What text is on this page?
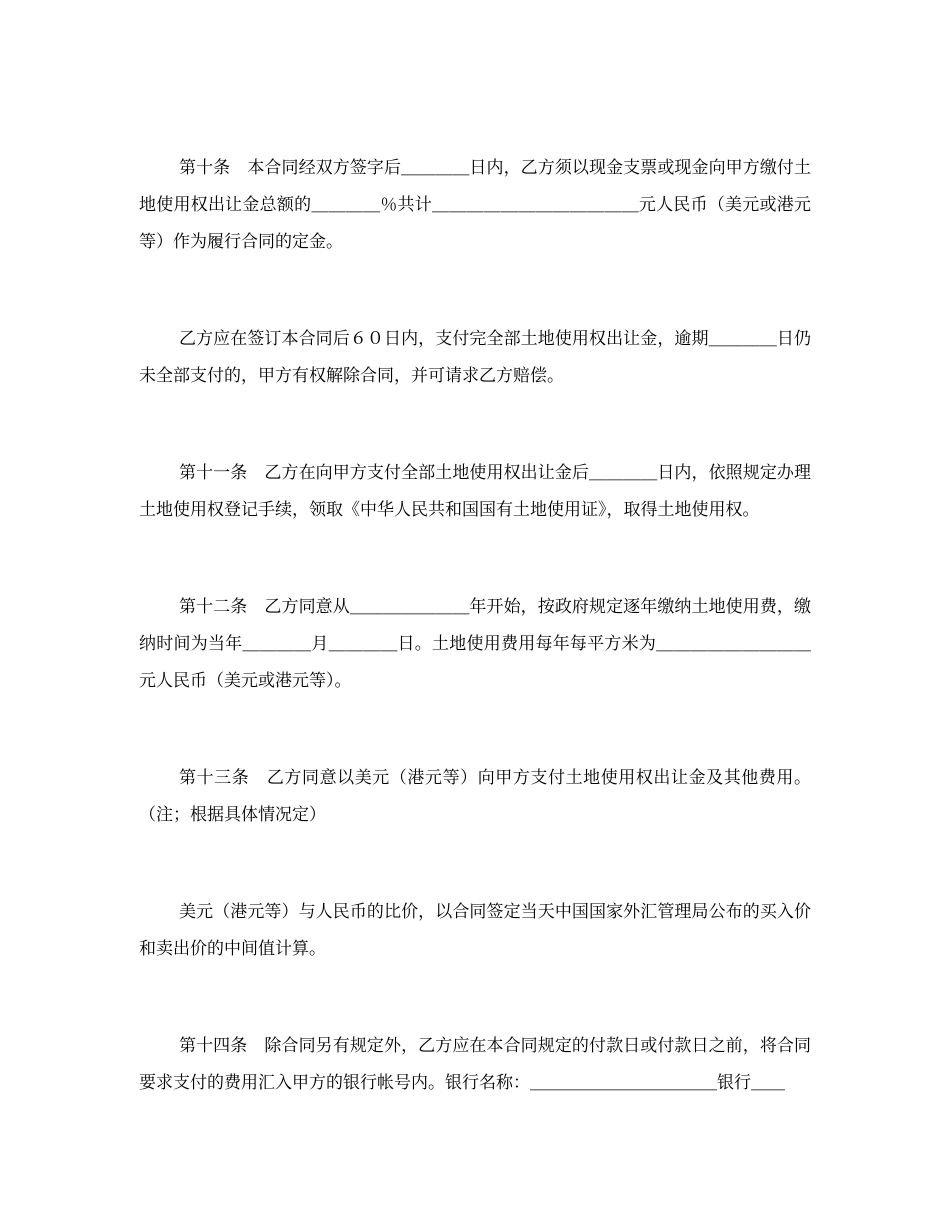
第十条　本合同经双方签字后＿＿＿＿日内，乙方须以现金支票或现金向甲方缴付土地使用权出让金总额的＿＿＿＿％共计＿＿＿＿＿＿＿＿＿＿＿＿元人民币（美元或港元等）作为履行合同的定金。

乙方应在签订本合同后６０日内，支付完全部土地使用权出让金，逾期＿＿＿＿日仍未全部支付的，甲方有权解除合同，并可请求乙方赔偿。

第十一条　乙方在向甲方支付全部土地使用权出让金后＿＿＿＿日内，依照规定办理土地使用权登记手续，领取《中华人民共和国国有土地使用证》，取得土地使用权。

第十二条　乙方同意从＿＿＿＿＿＿＿年开始，按政府规定逐年缴纳土地使用费，缴纳时间为当年＿＿＿＿月＿＿＿＿日。土地使用费用每年每平方米为＿＿＿＿＿＿＿＿＿元人民币（美元或港元等）。

第十三条　乙方同意以美元（港元等）向甲方支付土地使用权出让金及其他费用。（注；根据具体情况定）

美元（港元等）与人民币的比价，以合同签定当天中国国家外汇管理局公布的买入价和卖出价的中间值计算。

第十四条　除合同另有规定外，乙方应在本合同规定的付款日或付款日之前，将合同要求支付的费用汇入甲方的银行帐号内。银行名称：＿＿＿＿＿＿＿＿＿＿＿银行＿＿
